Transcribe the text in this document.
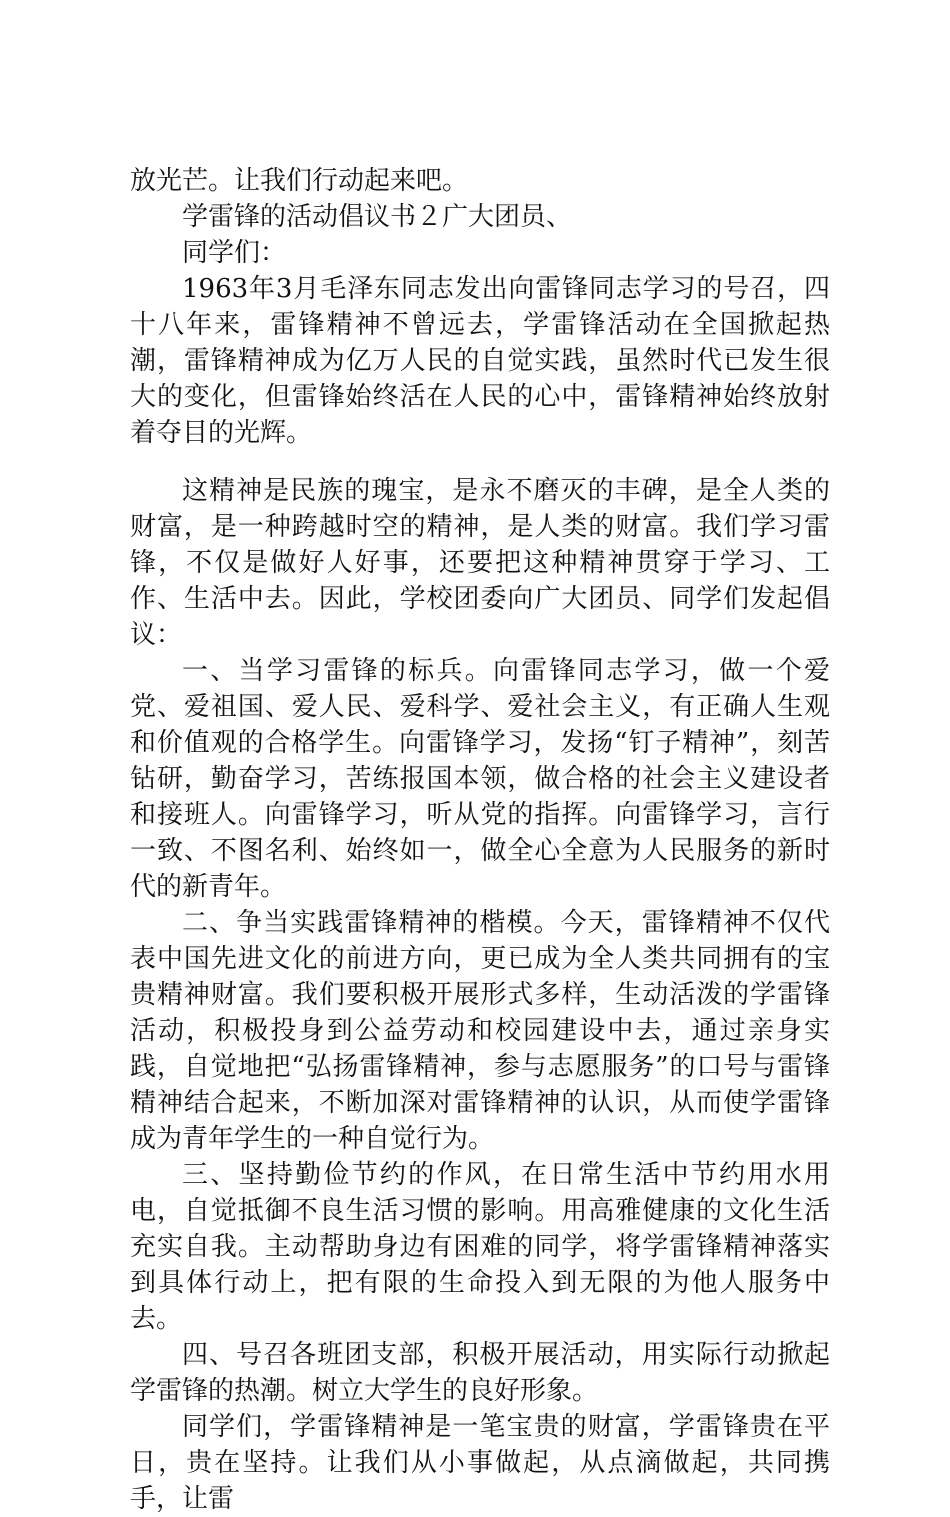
放光芒。让我们行动起来吧。

学雷锋的活动倡议书２广大团员、

同学们：

1963年3月毛泽东同志发出向雷锋同志学习的号召，四十八年来，雷锋精神不曾远去，学雷锋活动在全国掀起热潮，雷锋精神成为亿万人民的自觉实践，虽然时代已发生很大的变化，但雷锋始终活在人民的心中，雷锋精神始终放射着夺目的光辉。

这精神是民族的瑰宝，是永不磨灭的丰碑，是全人类的财富，是一种跨越时空的精神，是人类的财富。我们学习雷锋，不仅是做好人好事，还要把这种精神贯穿于学习、工作、生活中去。因此，学校团委向广大团员、同学们发起倡议：

一、当学习雷锋的标兵。向雷锋同志学习，做一个爱党、爱祖国、爱人民、爱科学、爱社会主义，有正确人生观和价值观的合格学生。向雷锋学习，发扬“钉子精神”，刻苦钻研，勤奋学习，苦练报国本领，做合格的社会主义建设者和接班人。向雷锋学习，听从党的指挥。向雷锋学习，言行一致、不图名利、始终如一，做全心全意为人民服务的新时代的新青年。

二、争当实践雷锋精神的楷模。今天，雷锋精神不仅代表中国先进文化的前进方向，更已成为全人类共同拥有的宝贵精神财富。我们要积极开展形式多样，生动活泼的学雷锋活动，积极投身到公益劳动和校园建设中去，通过亲身实践，自觉地把“弘扬雷锋精神，参与志愿服务”的口号与雷锋精神结合起来，不断加深对雷锋精神的认识，从而使学雷锋成为青年学生的一种自觉行为。

三、坚持勤俭节约的作风，在日常生活中节约用水用电，自觉抵御不良生活习惯的影响。用高雅健康的文化生活充实自我。主动帮助身边有困难的同学，将学雷锋精神落实到具体行动上，把有限的生命投入到无限的为他人服务中去。

四、号召各班团支部，积极开展活动，用实际行动掀起学雷锋的热潮。树立大学生的良好形象。

同学们，学雷锋精神是一笔宝贵的财富，学雷锋贵在平日，贵在坚持。让我们从小事做起，从点滴做起，共同携手，让雷
